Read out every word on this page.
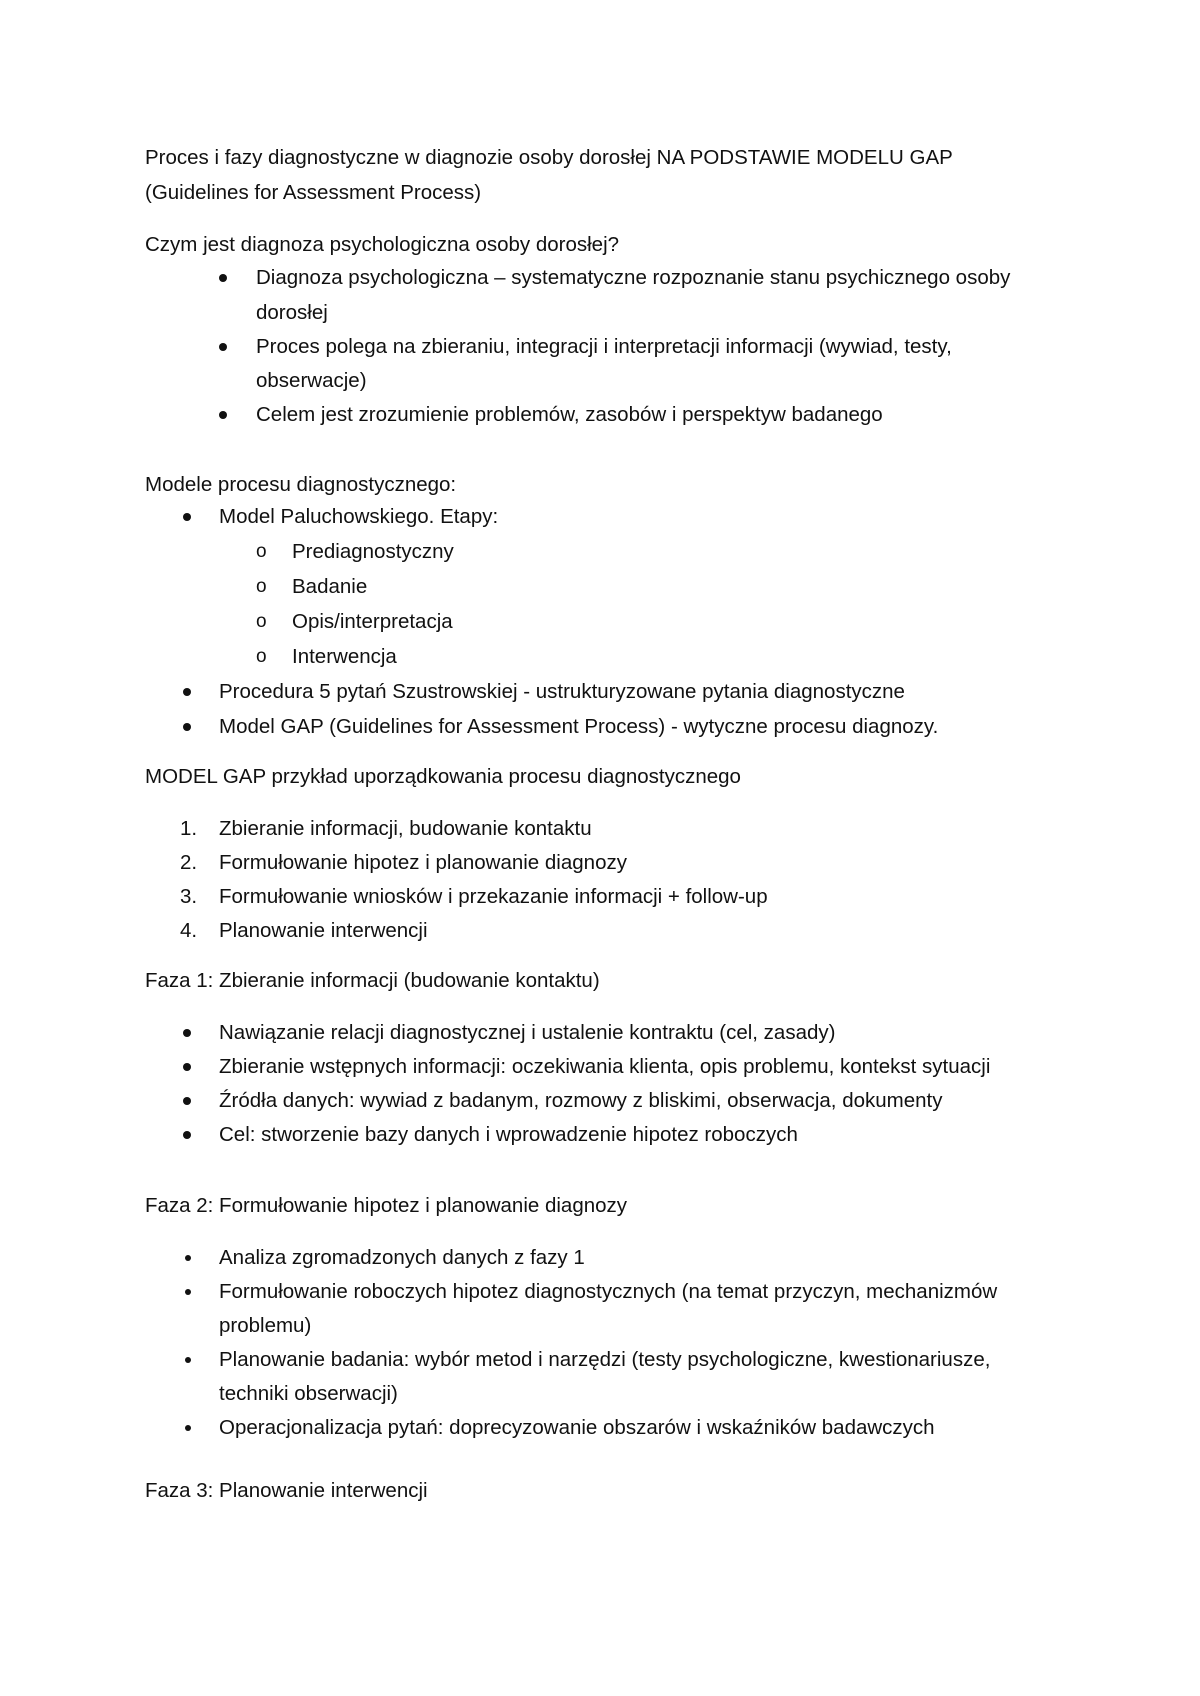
Proces i fazy diagnostyczne w diagnozie osoby dorosłej NA PODSTAWIE MODELU GAP
(Guidelines for Assessment Process)
Czym jest diagnoza psychologiczna osoby dorosłej?
Diagnoza psychologiczna – systematyczne rozpoznanie stanu psychicznego osoby
dorosłej
Proces polega na zbieraniu, integracji i interpretacji informacji (wywiad, testy,
obserwacje)
Celem jest zrozumienie problemów, zasobów i perspektyw badanego
Modele procesu diagnostycznego:
Model Paluchowskiego. Etapy:
o Prediagnostyczny
o Badanie
o Opis/interpretacja
o Interwencja
Procedura 5 pytań Szustrowskiej - ustrukturyzowane pytania diagnostyczne
Model GAP (Guidelines for Assessment Process) - wytyczne procesu diagnozy.
MODEL GAP przykład uporządkowania procesu diagnostycznego
1. Zbieranie informacji, budowanie kontaktu
2. Formułowanie hipotez i planowanie diagnozy
3. Formułowanie wniosków i przekazanie informacji + follow-up
4. Planowanie interwencji
Faza 1: Zbieranie informacji (budowanie kontaktu)
Nawiązanie relacji diagnostycznej i ustalenie kontraktu (cel, zasady)
Zbieranie wstępnych informacji: oczekiwania klienta, opis problemu, kontekst sytuacji
Źródła danych: wywiad z badanym, rozmowy z bliskimi, obserwacja, dokumenty
Cel: stworzenie bazy danych i wprowadzenie hipotez roboczych
Faza 2: Formułowanie hipotez i planowanie diagnozy
Analiza zgromadzonych danych z fazy 1
Formułowanie roboczych hipotez diagnostycznych (na temat przyczyn, mechanizmów
problemu)
Planowanie badania: wybór metod i narzędzi (testy psychologiczne, kwestionariusze,
techniki obserwacji)
Operacjonalizacja pytań: doprecyzowanie obszarów i wskaźników badawczych
Faza 3: Planowanie interwencji
